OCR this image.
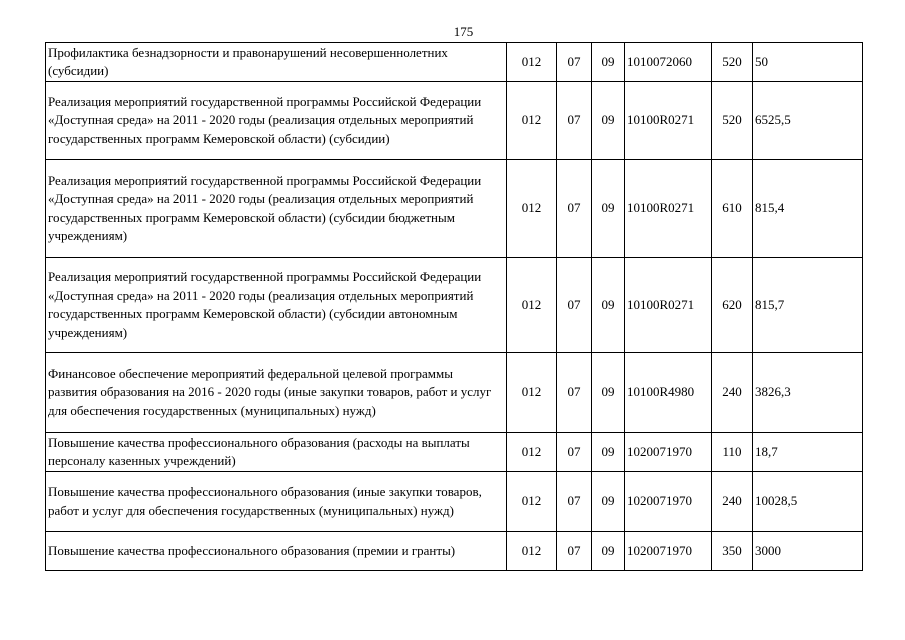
175
Профилактика безнадзорности и правонарушений несовершеннолетних (субсидии)	012	07	09	1010072060	520	50
Реализация мероприятий государственной программы Российской Федерации «Доступная среда» на 2011 - 2020 годы (реализация отдельных мероприятий государственных программ Кемеровской области) (субсидии)	012	07	09	10100R0271	520	6525,5
Реализация мероприятий государственной программы Российской Федерации «Доступная среда» на 2011 - 2020 годы (реализация отдельных мероприятий государственных программ Кемеровской области) (субсидии бюджетным учреждениям)	012	07	09	10100R0271	610	815,4
Реализация мероприятий государственной программы Российской Федерации «Доступная среда» на 2011 - 2020 годы (реализация отдельных мероприятий государственных программ Кемеровской области) (субсидии автономным учреждениям)	012	07	09	10100R0271	620	815,7
Финансовое обеспечение мероприятий федеральной целевой программы развития образования на 2016 - 2020 годы (иные закупки товаров, работ и услуг для обеспечения государственных (муниципальных) нужд)	012	07	09	10100R4980	240	3826,3
Повышение качества профессионального образования (расходы на выплаты персоналу казенных учреждений)	012	07	09	1020071970	110	18,7
Повышение качества профессионального образования (иные закупки товаров, работ и услуг для обеспечения государственных (муниципальных) нужд)	012	07	09	1020071970	240	10028,5
Повышение качества профессионального образования (премии и гранты)	012	07	09	1020071970	350	3000
